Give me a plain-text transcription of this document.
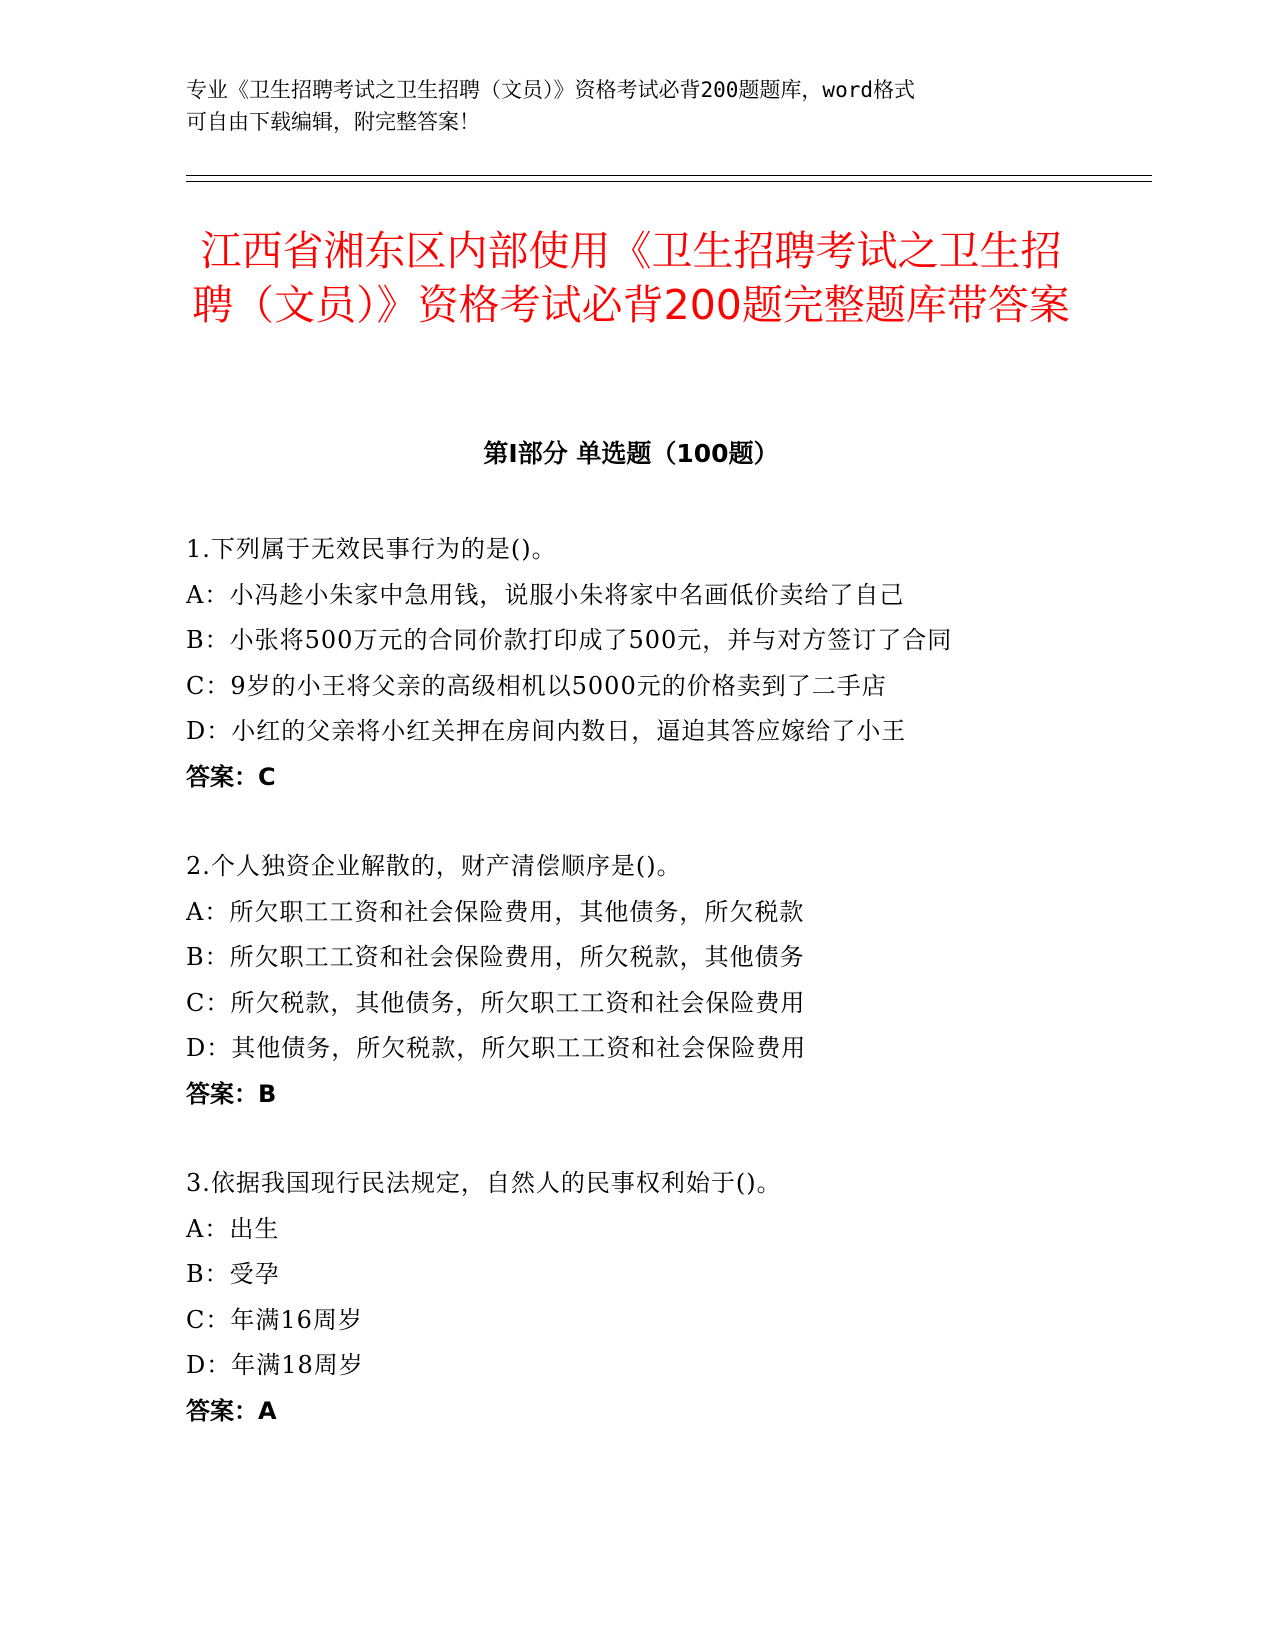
专业《卫生招聘考试之卫生招聘（文员）》资格考试必背200题题库，word格式
可自由下载编辑，附完整答案！
江西省湘东区内部使用《卫生招聘考试之卫生招聘（文员）》资格考试必背200题完整题库带答案
第I部分 单选题（100题）
1.下列属于无效民事行为的是()。
A：小冯趁小朱家中急用钱，说服小朱将家中名画低价卖给了自己
B：小张将500万元的合同价款打印成了500元，并与对方签订了合同
C：9岁的小王将父亲的高级相机以5000元的价格卖到了二手店
D：小红的父亲将小红关押在房间内数日，逼迫其答应嫁给了小王
答案：C
2.个人独资企业解散的，财产清偿顺序是()。
A：所欠职工工资和社会保险费用，其他债务，所欠税款
B：所欠职工工资和社会保险费用，所欠税款，其他债务
C：所欠税款，其他债务，所欠职工工资和社会保险费用
D：其他债务，所欠税款，所欠职工工资和社会保险费用
答案：B
3.依据我国现行民法规定，自然人的民事权利始于()。
A：出生
B：受孕
C：年满16周岁
D：年满18周岁
答案：A
